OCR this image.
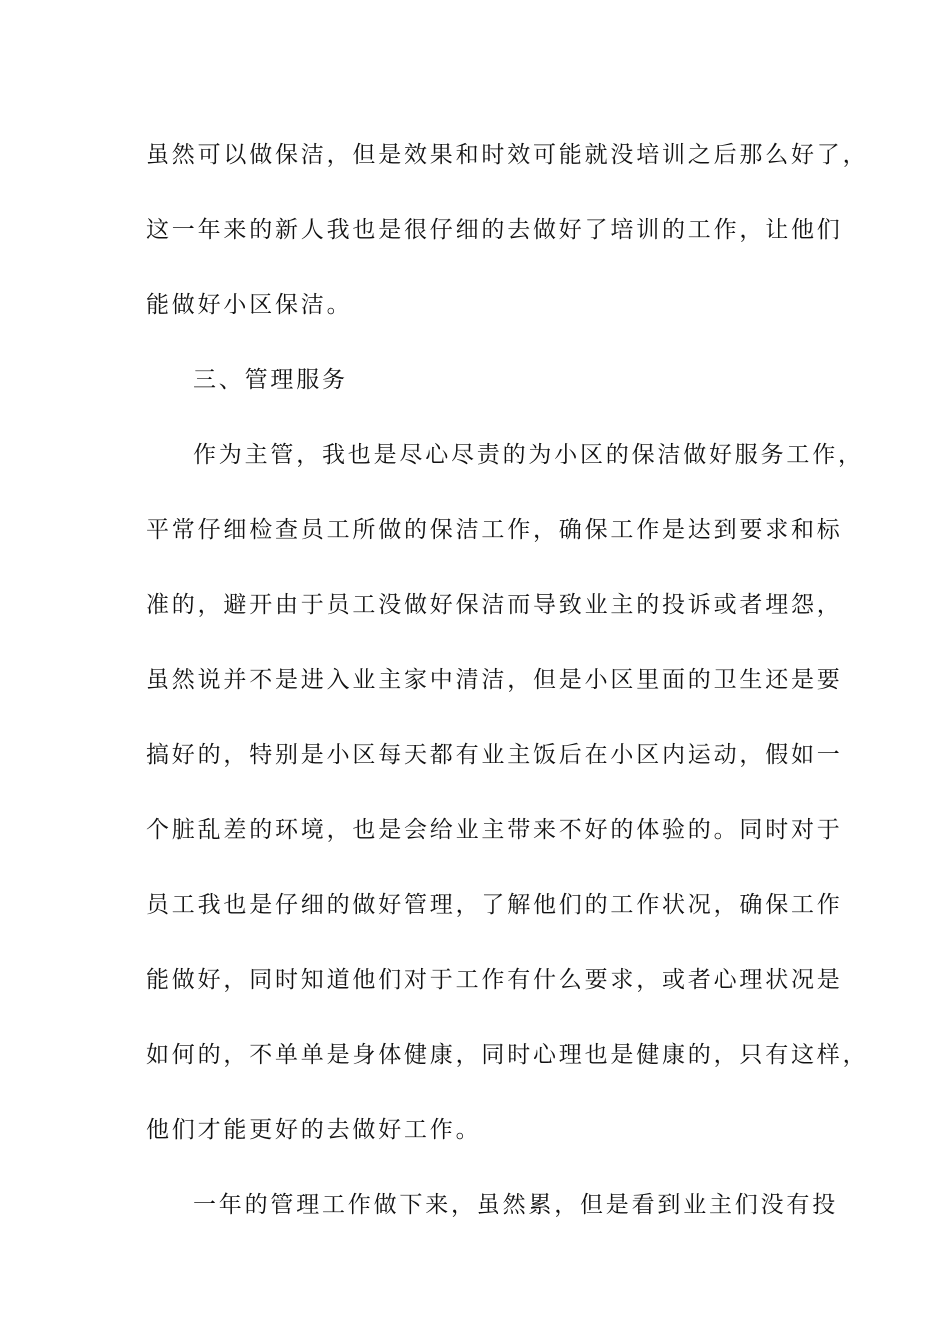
虽然可以做保洁，但是效果和时效可能就没培训之后那么好了，
这一年来的新人我也是很仔细的去做好了培训的工作，让他们
能做好小区保洁。
三、管理服务
作为主管，我也是尽心尽责的为小区的保洁做好服务工作，
平常仔细检查员工所做的保洁工作，确保工作是达到要求和标
准的，避开由于员工没做好保洁而导致业主的投诉或者埋怨，
虽然说并不是进入业主家中清洁，但是小区里面的卫生还是要
搞好的，特别是小区每天都有业主饭后在小区内运动，假如一
个脏乱差的环境，也是会给业主带来不好的体验的。同时对于
员工我也是仔细的做好管理，了解他们的工作状况，确保工作
能做好，同时知道他们对于工作有什么要求，或者心理状况是
如何的，不单单是身体健康，同时心理也是健康的，只有这样，
他们才能更好的去做好工作。
一年的管理工作做下来，虽然累，但是看到业主们没有投
